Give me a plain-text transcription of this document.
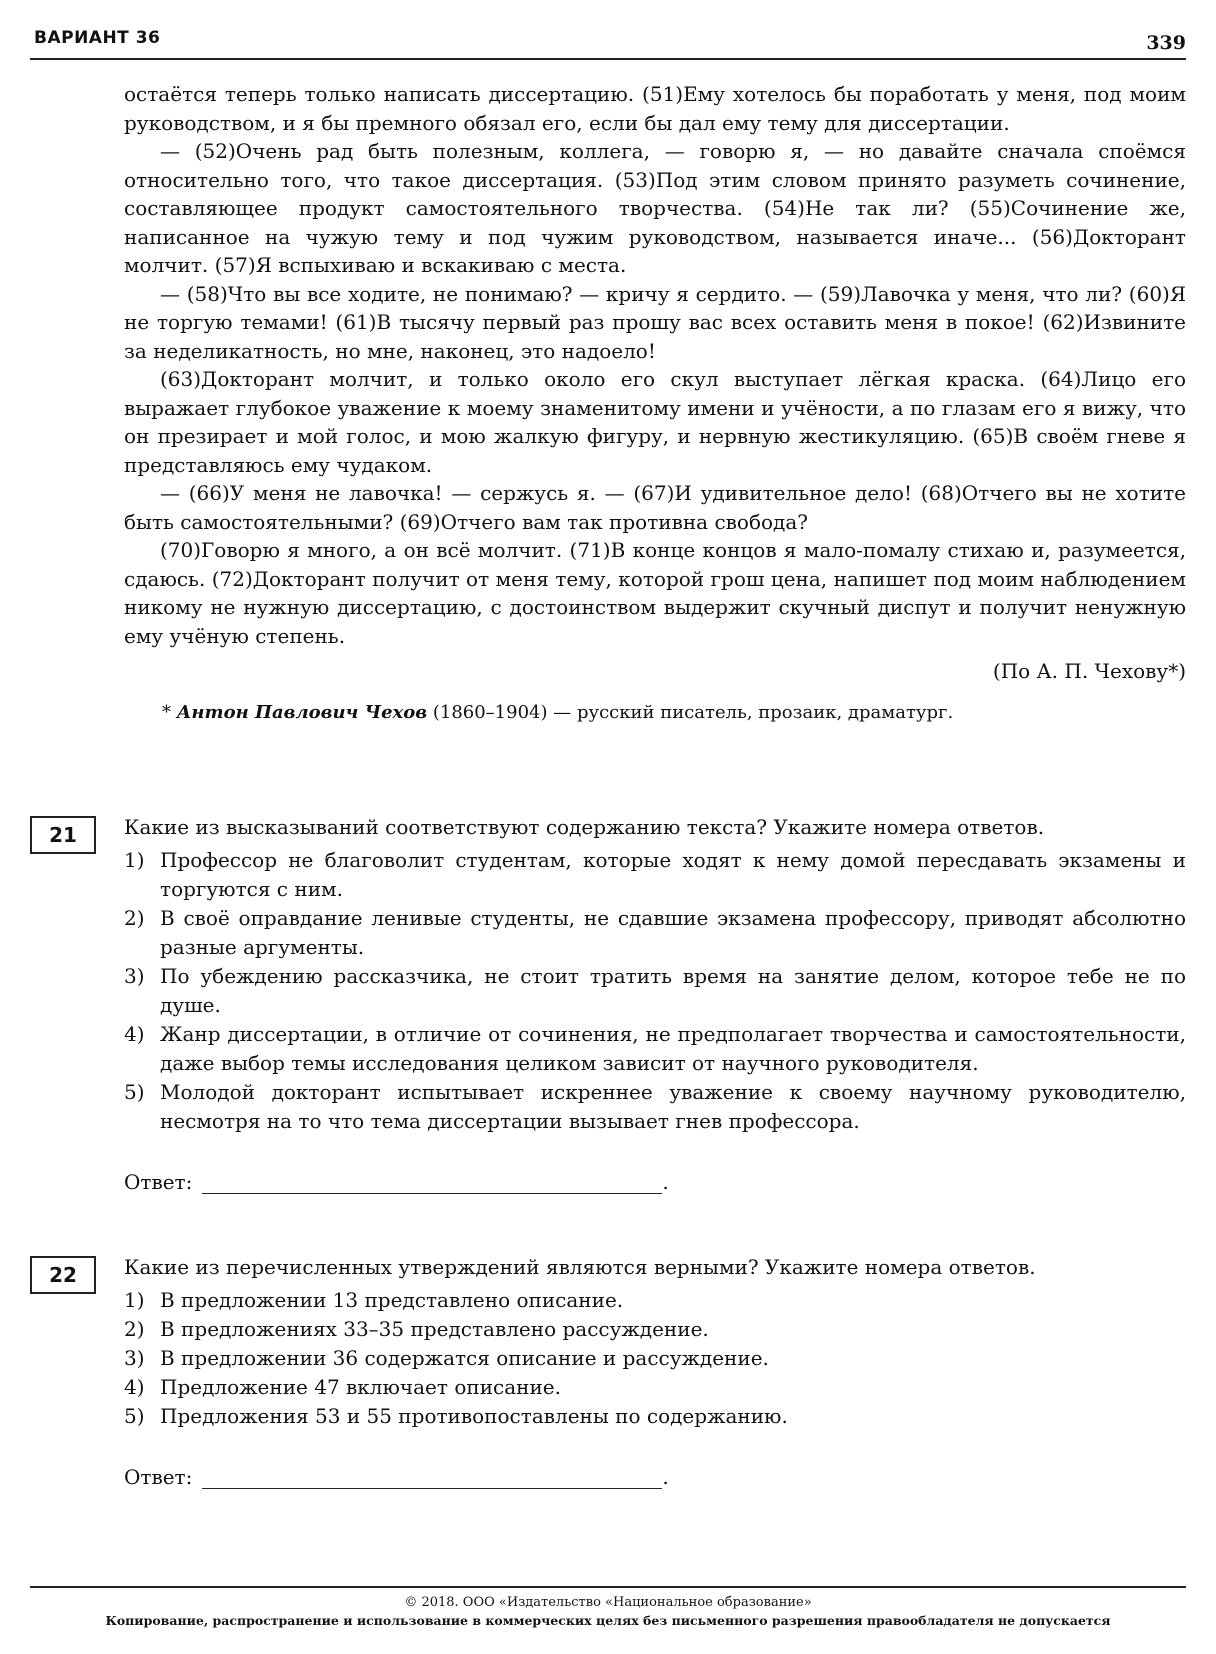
ВАРИАНТ 36	339

остаётся теперь только написать диссертацию. (51)Ему хотелось бы поработать у меня, под моим руководством, и я бы премного обязал его, если бы дал ему тему для диссертации.

— (52)Очень рад быть полезным, коллега, — говорю я, — но давайте сначала споёмся относительно того, что такое диссертация. (53)Под этим словом принято разуметь сочинение, составляющее продукт самостоятельного творчества. (54)Не так ли? (55)Сочинение же, написанное на чужую тему и под чужим руководством, называется иначе... (56)Докторант молчит. (57)Я вспыхиваю и вскакиваю с места.

— (58)Что вы все ходите, не понимаю? — кричу я сердито. — (59)Лавочка у меня, что ли? (60)Я не торгую темами! (61)В тысячу первый раз прошу вас всех оставить меня в покое! (62)Извините за неделикатность, но мне, наконец, это надоело!

(63)Докторант молчит, и только около его скул выступает лёгкая краска. (64)Лицо его выражает глубокое уважение к моему знаменитому имени и учёности, а по глазам его я вижу, что он презирает и мой голос, и мою жалкую фигуру, и нервную жестикуляцию. (65)В своём гневе я представляюсь ему чудаком.

— (66)У меня не лавочка! — сержусь я. — (67)И удивительное дело! (68)Отчего вы не хотите быть самостоятельными? (69)Отчего вам так противна свобода?

(70)Говорю я много, а он всё молчит. (71)В конце концов я мало-помалу стихаю и, разумеется, сдаюсь. (72)Докторант получит от меня тему, которой грош цена, напишет под моим наблюдением никому не нужную диссертацию, с достоинством выдержит скучный диспут и получит ненужную ему учёную степень.

(По А. П. Чехову*)
* Антон Павлович Чехов (1860–1904) — русский писатель, прозаик, драматург.
21	Какие из высказываний соответствуют содержанию текста? Укажите номера ответов.

1) Профессор не благоволит студентам, которые ходят к нему домой пересдавать экзамены и торгуются с ним.
2) В своё оправдание ленивые студенты, не сдавшие экзамена профессору, приводят абсолютно разные аргументы.
3) По убеждению рассказчика, не стоит тратить время на занятие делом, которое тебе не по душе.
4) Жанр диссертации, в отличие от сочинения, не предполагает творчества и самостоятельности, даже выбор темы исследования целиком зависит от научного руководителя.
5) Молодой докторант испытывает искреннее уважение к своему научному руководителю, несмотря на то что тема диссертации вызывает гнев профессора.
Ответ:	.
22	Какие из перечисленных утверждений являются верными? Укажите номера ответов.

1) В предложении 13 представлено описание.
2) В предложениях 33–35 представлено рассуждение.
3) В предложении 36 содержатся описание и рассуждение.
4) Предложение 47 включает описание.
5) Предложения 53 и 55 противопоставлены по содержанию.
Ответ:	.
© 2018. ООО «Издательство «Национальное образование»
Копирование, распространение и использование в коммерческих целях без письменного разрешения правообладателя не допускается
